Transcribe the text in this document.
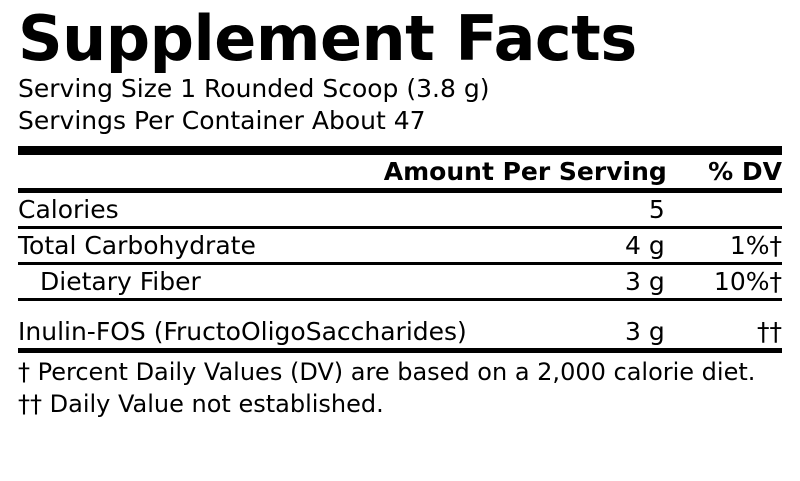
Supplement Facts
Serving Size 1 Rounded Scoop (3.8 g)
Servings Per Container About 47
	Amount Per Serving	% DV
Calories	5	
Total Carbohydrate	4 g	1%†
Dietary Fiber	3 g	10%†

Inulin-FOS (FructoOligoSaccharides)	3 g	††
† Percent Daily Values (DV) are based on a 2,000 calorie diet.
†† Daily Value not established.
